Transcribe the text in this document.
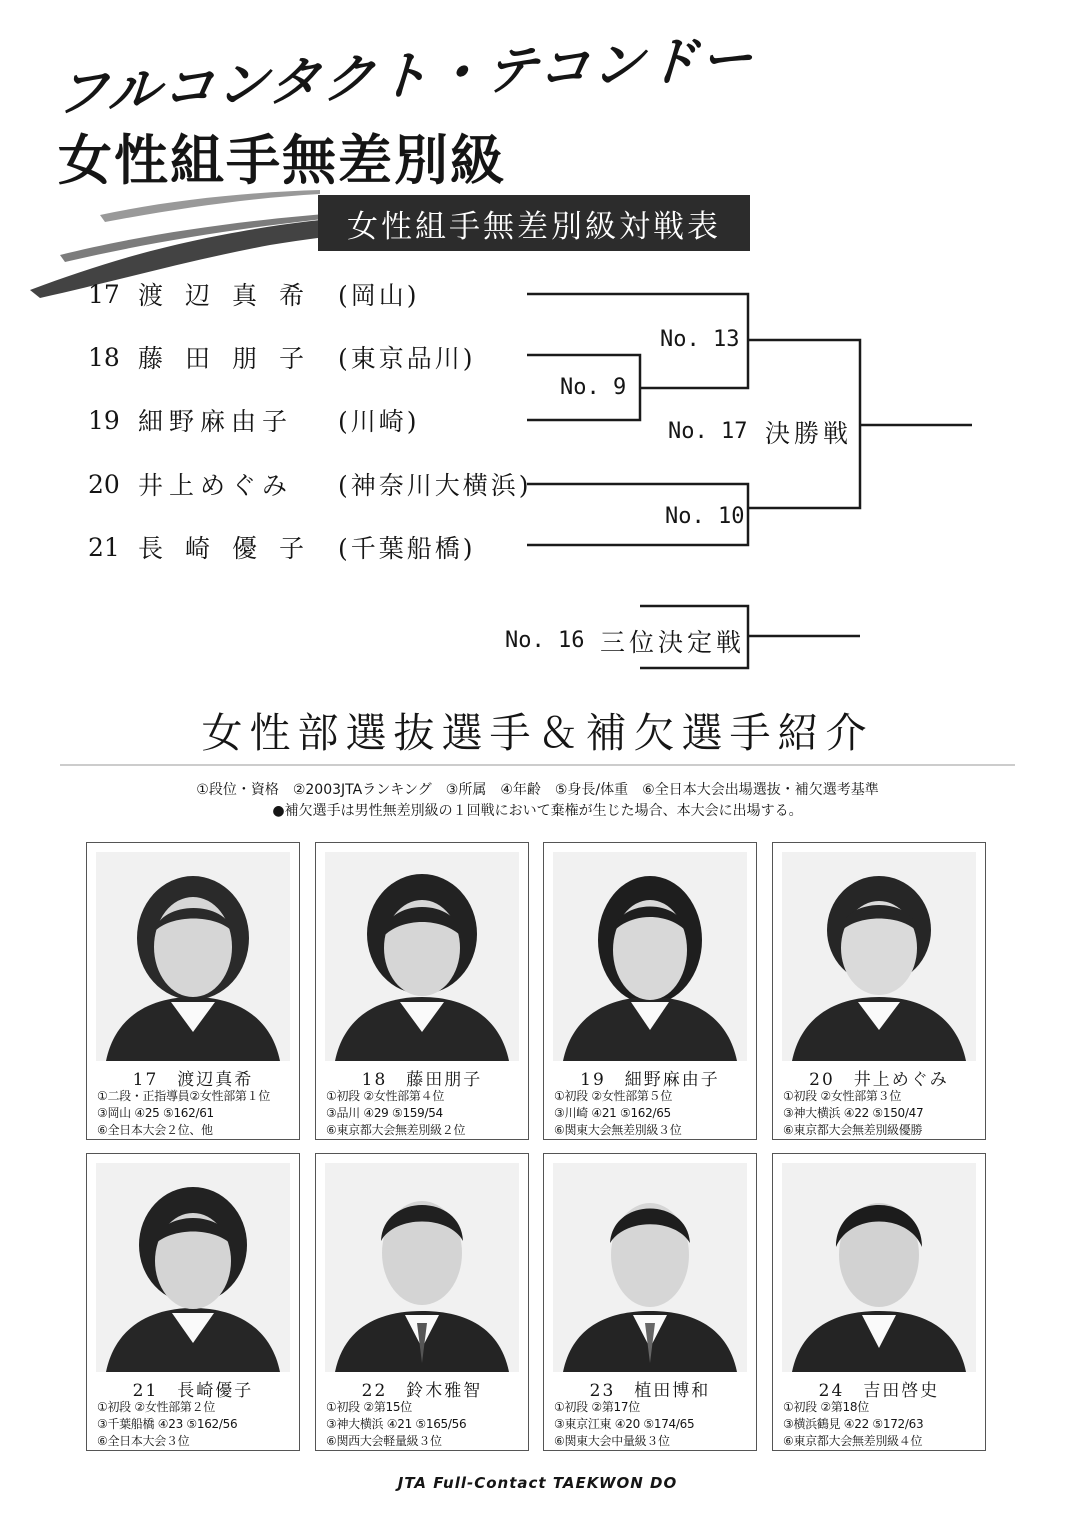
フルコンタクト・テコンドー
女性組手無差別級
女性組手無差別級対戦表
17 渡辺真希 (岡山)
18 藤田朋子 (東京品川)
19 細野麻由子	(川崎)
20 井上めぐみ	(神奈川大横浜)
21 長崎優子 (千葉船橋)
No. 9
No. 13
No. 17 決勝戦
No. 10
No. 16 三位決定戦
女性部選抜選手＆補欠選手紹介
①段位・資格　②2003JTAランキング　③所属　④年齢　⑤身長/体重　⑥全日本大会出場選抜・補欠選考基準
●補欠選手は男性無差別級の１回戦において棄権が生じた場合、本大会に出場する。
17　渡辺真希
①二段・正指導員②女性部第１位
③岡山 ④25 ⑤162/61
⑥全日本大会２位、他
18　藤田朋子
①初段 ②女性部第４位
③品川 ④29 ⑤159/54
⑥東京都大会無差別級２位
19　細野麻由子
①初段 ②女性部第５位
③川崎 ④21 ⑤162/65
⑥関東大会無差別級３位
20　井上めぐみ
①初段 ②女性部第３位
③神大横浜 ④22 ⑤150/47
⑥東京都大会無差別級優勝
21　長崎優子
①初段 ②女性部第２位
③千葉船橋 ④23 ⑤162/56
⑥全日本大会３位
22　鈴木雅智
①初段 ②第15位
③神大横浜 ④21 ⑤165/56
⑥関西大会軽量級３位
23　植田博和
①初段 ②第17位
③東京江東 ④20 ⑤174/65
⑥関東大会中量級３位
24　吉田啓史
①初段 ②第18位
③横浜鶴見 ④22 ⑤172/63
⑥東京都大会無差別級４位
JTA Full-Contact TAEKWON DO
